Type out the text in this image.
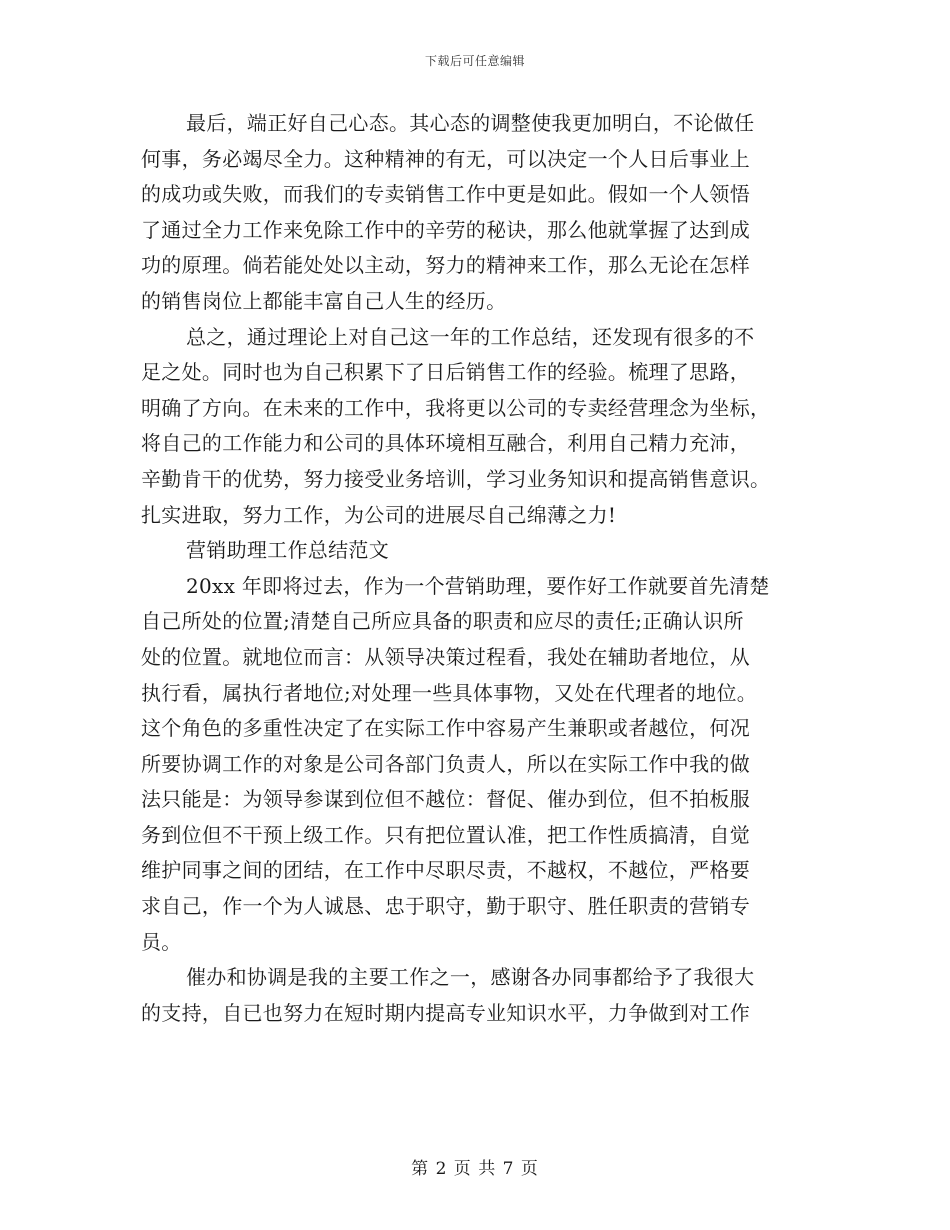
下载后可任意编辑
最后，端正好自己心态。其心态的调整使我更加明白，不论做任
何事，务必竭尽全力。这种精神的有无，可以决定一个人日后事业上
的成功或失败，而我们的专卖销售工作中更是如此。假如一个人领悟
了通过全力工作来免除工作中的辛劳的秘诀，那么他就掌握了达到成
功的原理。倘若能处处以主动，努力的精神来工作，那么无论在怎样
的销售岗位上都能丰富自己人生的经历。
总之，通过理论上对自己这一年的工作总结，还发现有很多的不
足之处。同时也为自己积累下了日后销售工作的经验。梳理了思路，
明确了方向。在未来的工作中，我将更以公司的专卖经营理念为坐标，
将自己的工作能力和公司的具体环境相互融合，利用自己精力充沛，
辛勤肯干的优势，努力接受业务培训，学习业务知识和提高销售意识。
扎实进取，努力工作，为公司的进展尽自己绵薄之力!
营销助理工作总结范文
20xx 年即将过去，作为一个营销助理，要作好工作就要首先清楚
自己所处的位置;清楚自己所应具备的职责和应尽的责任;正确认识所
处的位置。就地位而言：从领导决策过程看，我处在辅助者地位，从
执行看，属执行者地位;对处理一些具体事物，又处在代理者的地位。
这个角色的多重性决定了在实际工作中容易产生兼职或者越位，何况
所要协调工作的对象是公司各部门负责人，所以在实际工作中我的做
法只能是：为领导参谋到位但不越位：督促、催办到位，但不拍板服
务到位但不干预上级工作。只有把位置认准，把工作性质搞清，自觉
维护同事之间的团结，在工作中尽职尽责，不越权，不越位，严格要
求自己，作一个为人诚恳、忠于职守，勤于职守、胜任职责的营销专
员。
催办和协调是我的主要工作之一，感谢各办同事都给予了我很大
的支持，自已也努力在短时期内提高专业知识水平，力争做到对工作
第 2 页 共 7 页
